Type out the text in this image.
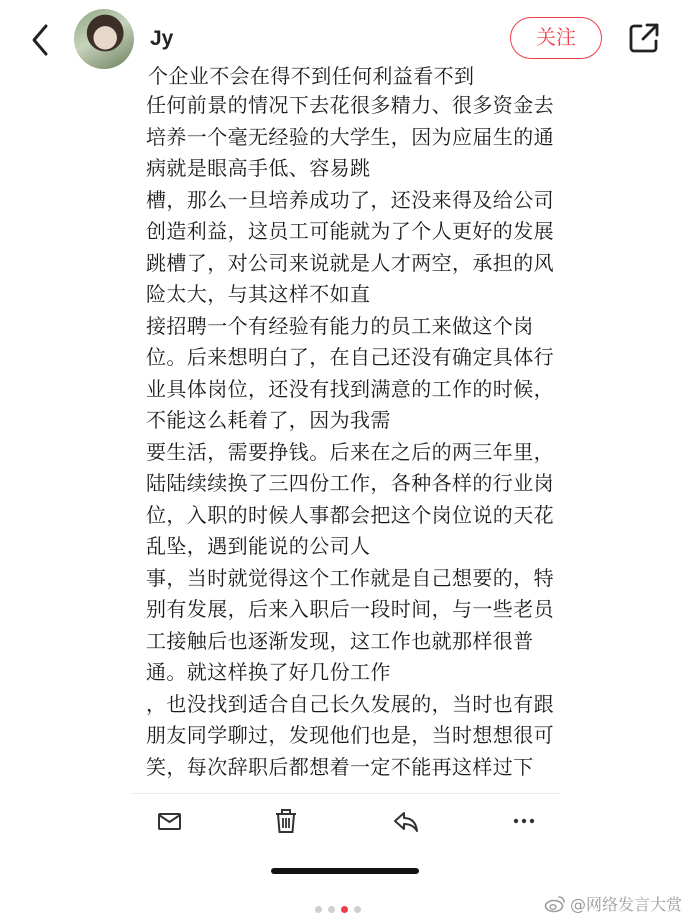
Jy	关注
个企业不会在得不到任何利益看不到
任何前景的情况下去花很多精力、很多资金去
培养一个毫无经验的大学生，因为应届生的通
病就是眼高手低、容易跳
槽，那么一旦培养成功了，还没来得及给公司
创造利益，这员工可能就为了个人更好的发展
跳槽了，对公司来说就是人才两空，承担的风
险太大，与其这样不如直
接招聘一个有经验有能力的员工来做这个岗
位。后来想明白了，在自己还没有确定具体行
业具体岗位，还没有找到满意的工作的时候，
不能这么耗着了，因为我需
要生活，需要挣钱。后来在之后的两三年里，
陆陆续续换了三四份工作，各种各样的行业岗
位，入职的时候人事都会把这个岗位说的天花
乱坠，遇到能说的公司人
事，当时就觉得这个工作就是自己想要的，特
别有发展，后来入职后一段时间，与一些老员
工接触后也逐渐发现，这工作也就那样很普
通。就这样换了好几份工作
，也没找到适合自己长久发展的，当时也有跟
朋友同学聊过，发现他们也是，当时想想很可
笑，每次辞职后都想着一定不能再这样过下
@网络发言大赏
